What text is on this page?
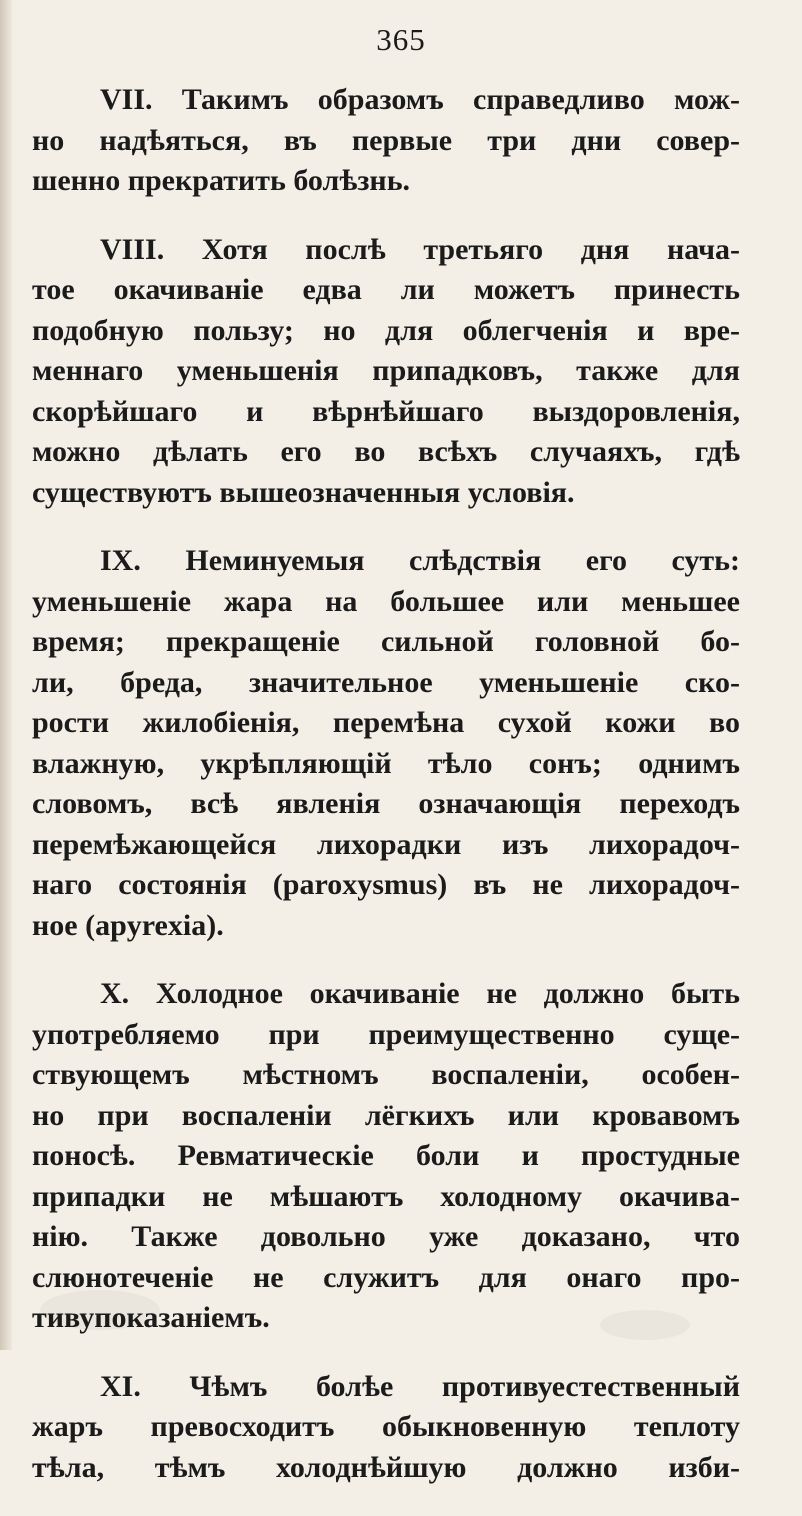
365
VII. Такимъ образомъ справедливо мож-
но надѣяться, въ первые три дни совер-
шенно прекратить болѣзнь.
VIII. Хотя послѣ третьяго дня нача-
тое окачиваніе едва ли можетъ принесть
подобную пользу; но для облегченія и вре-
меннаго уменьшенія припадковъ, также для
скорѣйшаго и вѣрнѣйшаго выздоровленія,
можно дѣлать его во всѣхъ случаяхъ, гдѣ
существуютъ вышеозначенныя условія.
IX. Неминуемыя слѣдствія его суть:
уменьшеніе жара на большее или меньшее
время; прекращеніе сильной головной бо-
ли, бреда, значительное уменьшеніе ско-
рости жилобіенія, перемѣна сухой кожи во
влажную, укрѣпляющій тѣло сонъ; однимъ
словомъ, всѣ явленія означающія переходъ
перемѣжающейся лихорадки изъ лихорадоч-
наго состоянія (paroxysmus) въ не лихорадоч-
ное (apyrexia).
X. Холодное окачиваніе не должно быть
употребляемо при преимущественно суще-
ствующемъ мѣстномъ воспаленіи, особен-
но при воспаленіи лёгкихъ или кровавомъ
поносѣ. Ревматическіе боли и простудные
припадки не мѣшаютъ холодному окачива-
нію. Также довольно уже доказано, что
слюнотеченіе не служитъ для онаго про-
тивупоказаніемъ.
XI. Чѣмъ болѣе противуестественный
жаръ превосходитъ обыкновенную теплоту
тѣла, тѣмъ холоднѣйшую должно изби-
